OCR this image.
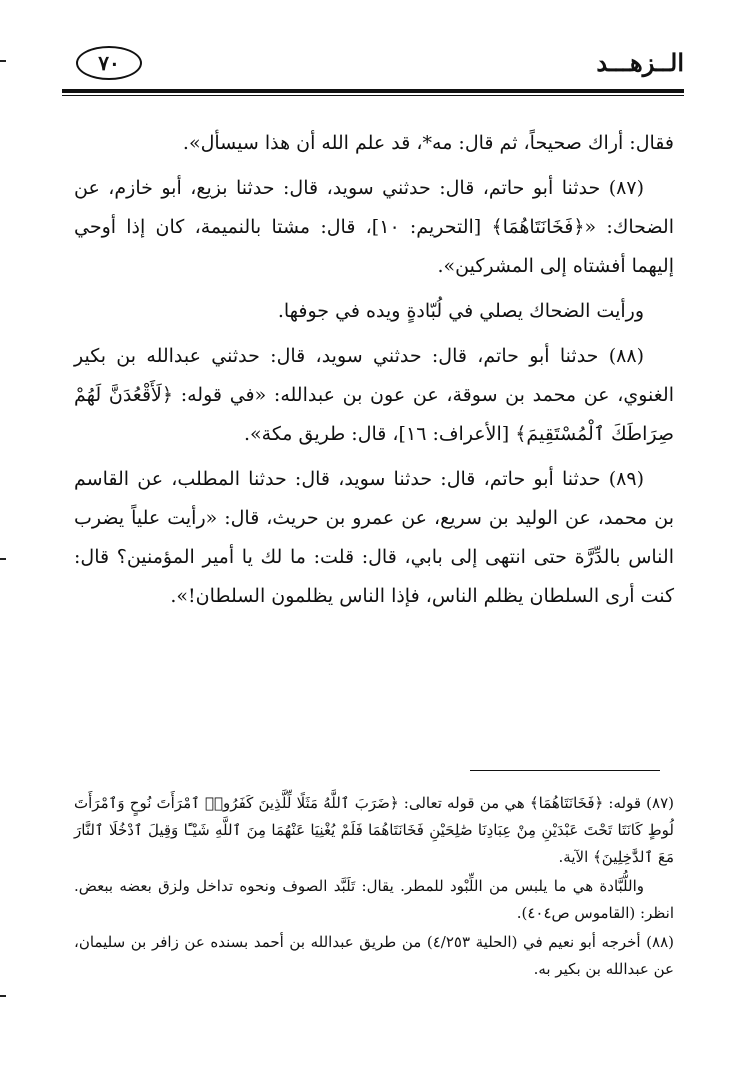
٧٠	الــزهـــد

فقال: أراك صحيحاً، ثم قال: مه*، قد علم الله أن هذا سيسأل».

(٨٧) حدثنا أبو حاتم، قال: حدثني سويد، قال: حدثنا بزيع، أبو خازم، عن الضحاك: «﴿فَخَانَتَاهُمَا﴾ [التحريم: ١٠]، قال: مشتا بالنميمة، كان إذا أوحي إليهما أفشتاه إلى المشركين».

ورأيت الضحاك يصلي في لُبّادةٍ ويده في جوفها.

(٨٨) حدثنا أبو حاتم، قال: حدثني سويد، قال: حدثني عبدالله بن بكير الغنوي، عن محمد بن سوقة، عن عون بن عبدالله: «في قوله: ﴿لَأَقْعُدَنَّ لَهُمْ صِرَاطَكَ ٱلْمُسْتَقِيمَ﴾ [الأعراف: ١٦]، قال: طريق مكة».

(٨٩) حدثنا أبو حاتم، قال: حدثنا سويد، قال: حدثنا المطلب، عن القاسم بن محمد، عن الوليد بن سريع، عن عمرو بن حريث، قال: «رأيت علياً يضرب الناس بالدِّرَّة حتى انتهى إلى بابي، قال: قلت: ما لك يا أمير المؤمنين؟ قال: كنت أرى السلطان يظلم الناس، فإذا الناس يظلمون السلطان!».

(٨٧) قوله: ﴿فَخَانَتَاهُمَا﴾ هي من قوله تعالى: ﴿ضَرَبَ ٱللَّهُ مَثَلًا لِّلَّذِينَ كَفَرُوا۟ ٱمْرَأَتَ نُوحٍ وَٱمْرَأَتَ لُوطٍ كَانَتَا تَحْتَ عَبْدَيْنِ مِنْ عِبَادِنَا صَٰلِحَيْنِ فَخَانَتَاهُمَا فَلَمْ يُغْنِيَا عَنْهُمَا مِنَ ٱللَّهِ شَيْـًٔا وَقِيلَ ٱدْخُلَا ٱلنَّارَ مَعَ ٱلدَّٰخِلِينَ﴾ الآية.

واللُّبَّادة هي ما يلبس من اللِّبْود للمطر. يقال: تَلَبَّد الصوف ونحوه تداخل ولزق بعضه ببعض. انظر: (القاموس ص٤٠٤).

(٨٨) أخرجه أبو نعيم في (الحلية ٤/٢٥٣) من طريق عبدالله بن أحمد بسنده عن زافر بن سليمان، عن عبدالله بن بكير به.
